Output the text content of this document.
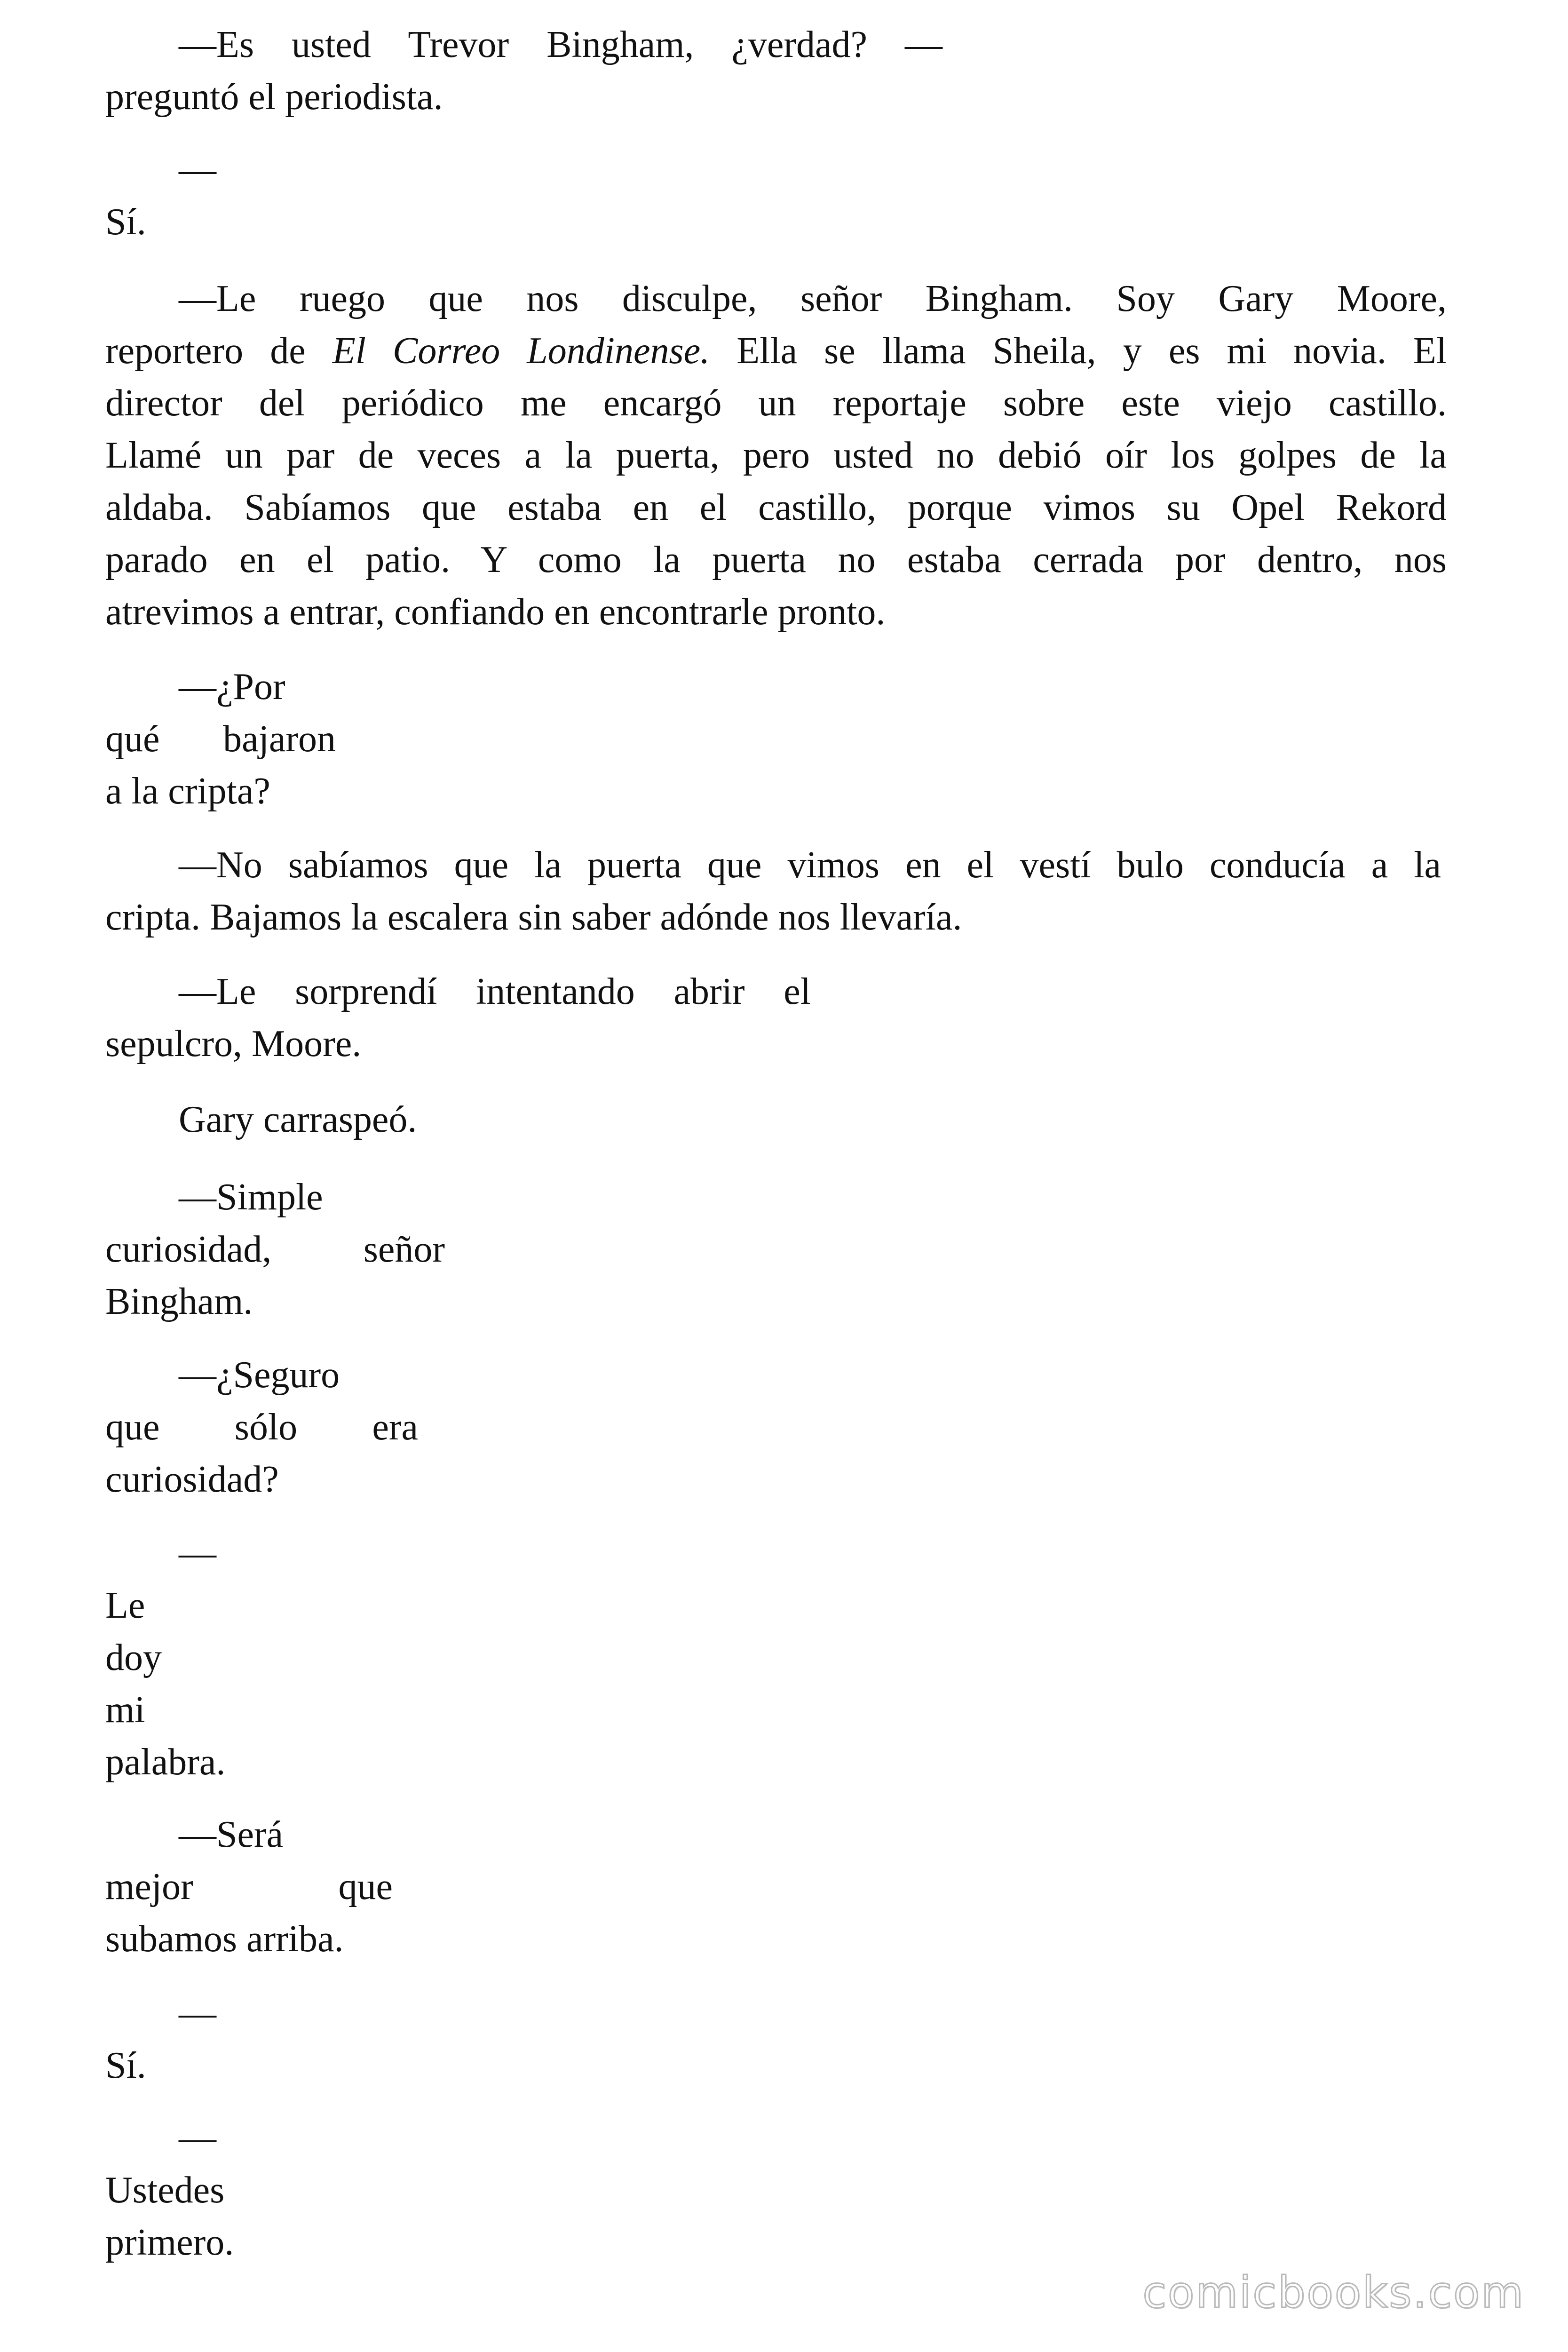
—Es usted Trevor Bingham, ¿verdad? —
preguntó el periodista.
—
Sí.
—Le ruego que nos disculpe, señor Bingham. Soy Gary Moore,
reportero de El Correo Londinense. Ella se llama Sheila, y es mi novia. El
director del periódico me encargó un reportaje sobre este viejo castillo.
Llamé un par de veces a la puerta, pero usted no debió oír los golpes de la
aldaba. Sabíamos que estaba en el castillo, porque vimos su Opel Rekord
parado en el patio. Y como la puerta no estaba cerrada por dentro, nos
atrevimos a entrar, confiando en encontrarle pronto.
—¿Por
qué bajaron
a la cripta?
—No sabíamos que la puerta que vimos en el vestí bulo conducía a la
cripta. Bajamos la escalera sin saber adónde nos llevaría.
—Le sorprendí intentando abrir el
sepulcro, Moore.
Gary carraspeó.
—Simple
curiosidad, señor
Bingham.
—¿Seguro
que sólo era
curiosidad?
—
Le
doy
mi
palabra.
—Será
mejor que
subamos arriba.
—
Sí.
—
Ustedes
primero.
comicbooks.com
